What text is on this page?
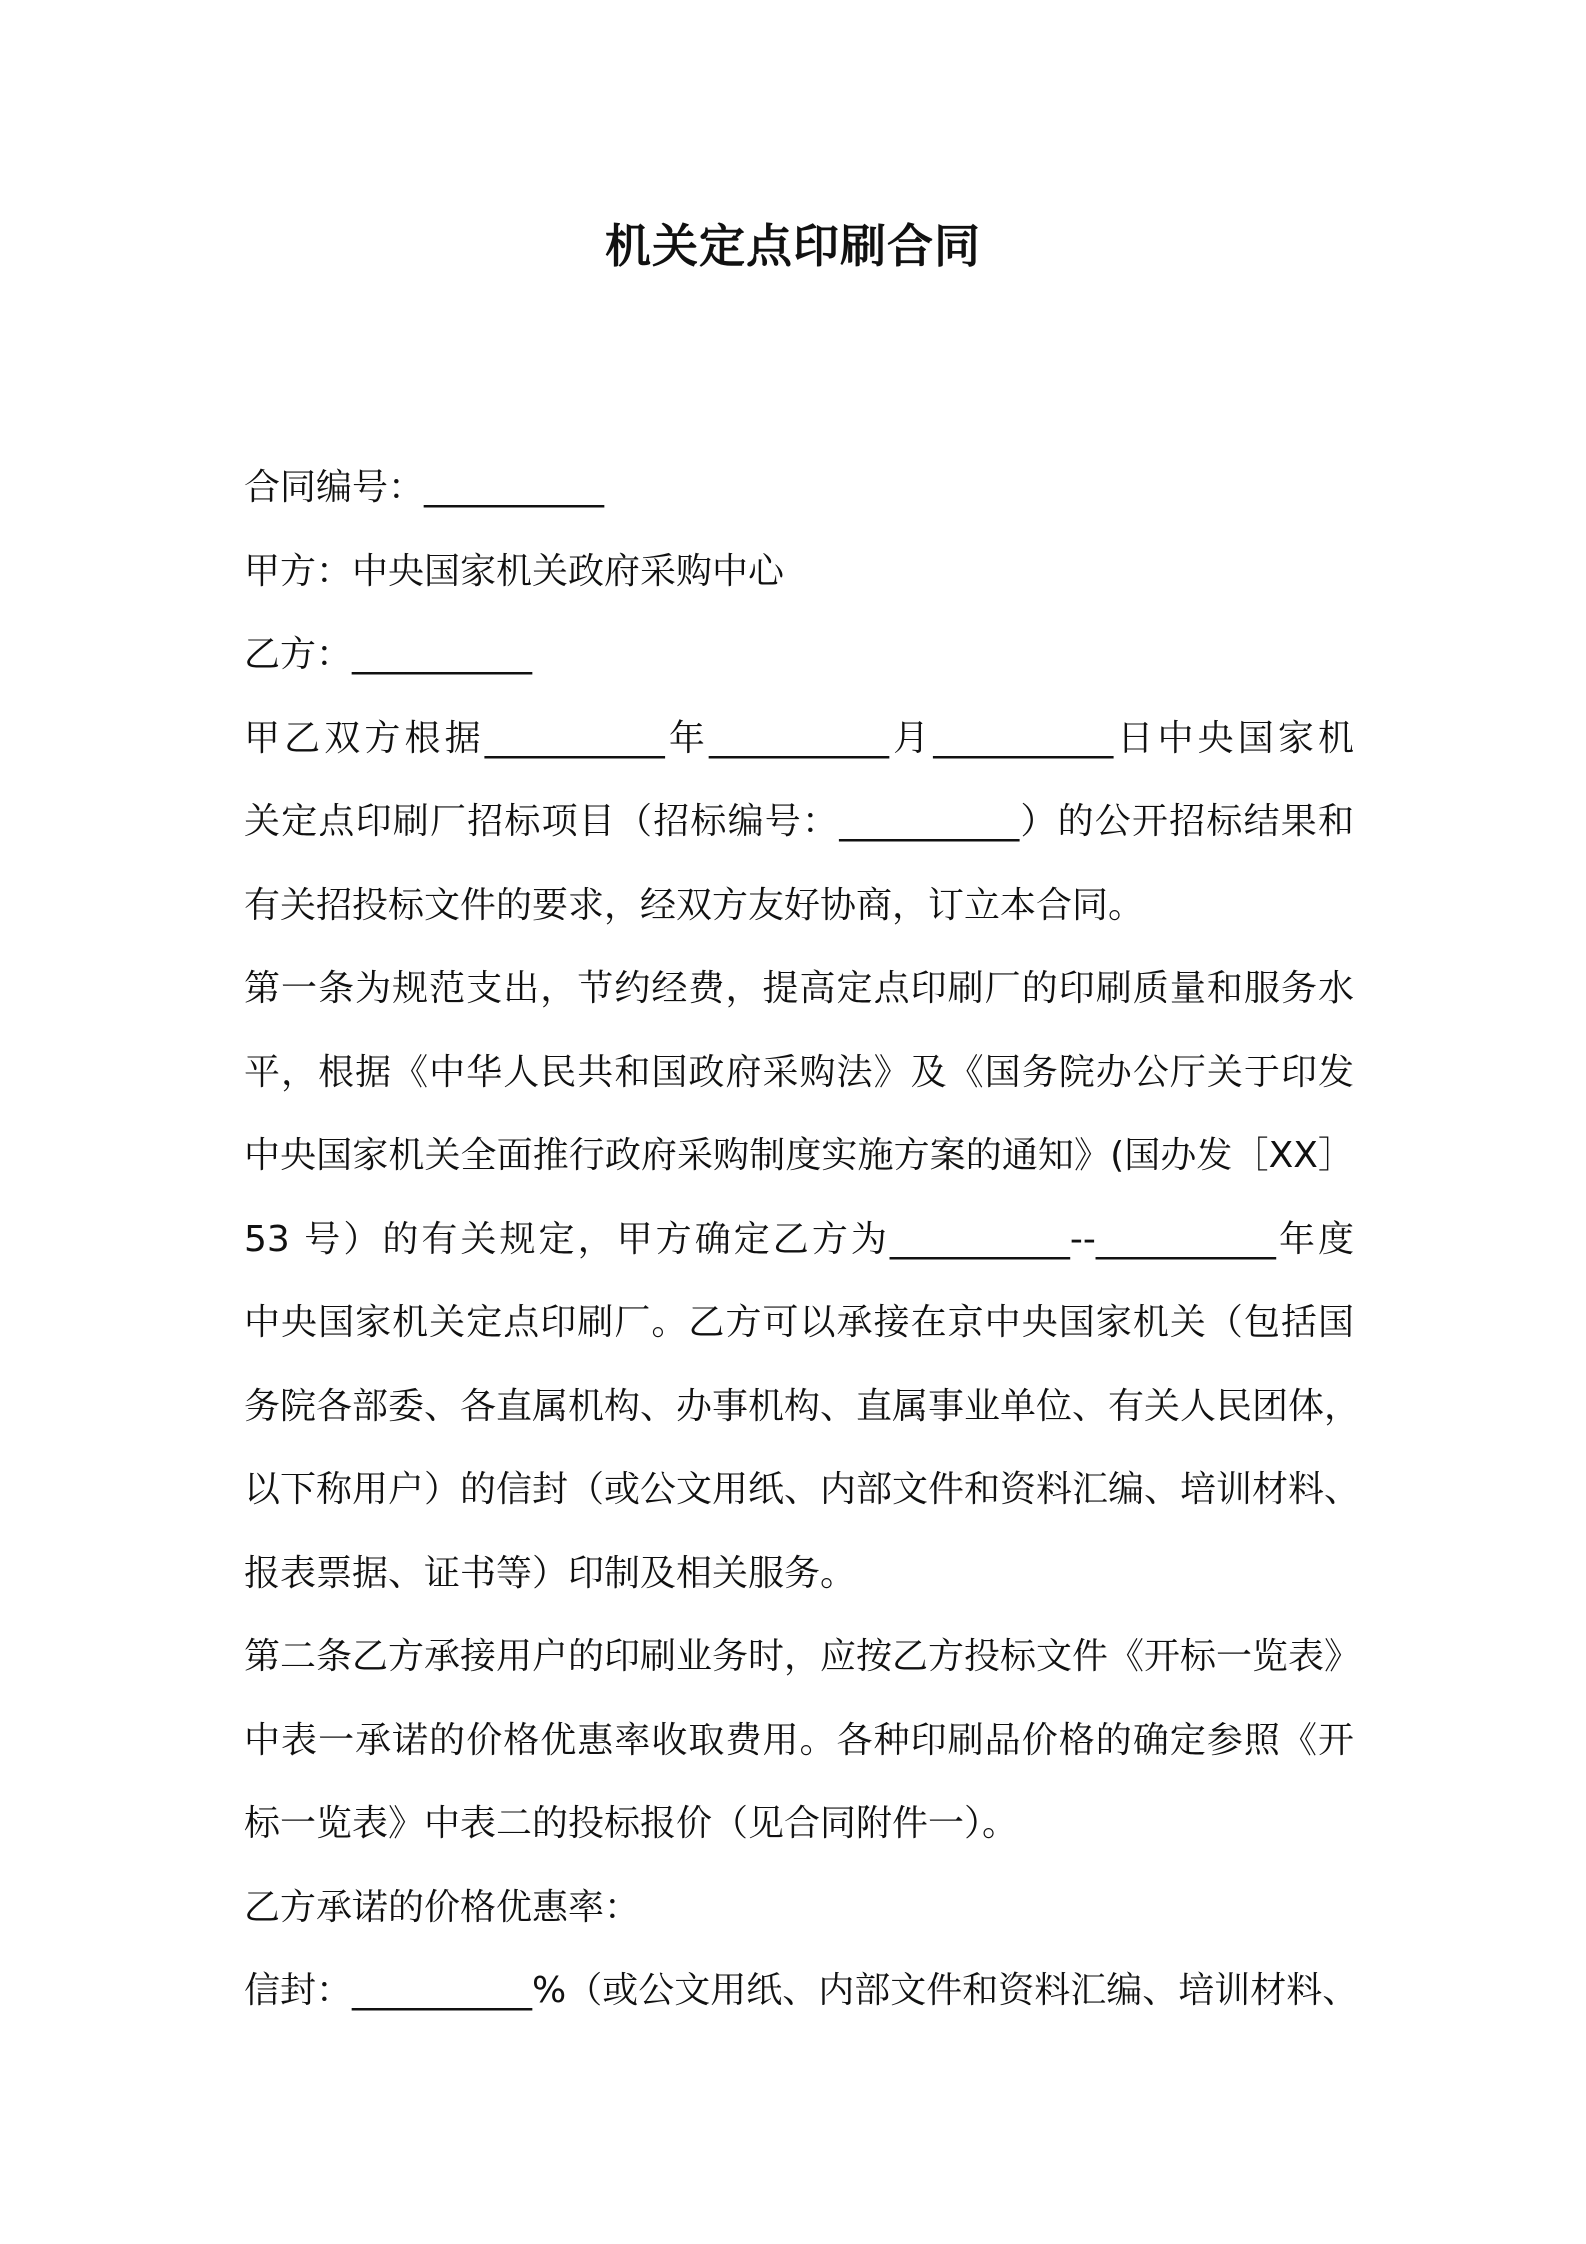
机关定点印刷合同

合同编号：__________

甲方：中央国家机关政府采购中心

乙方：__________

甲乙双方根据__________年__________月__________日中央国家机

关定点印刷厂招标项目（招标编号：__________）的公开招标结果和

有关招投标文件的要求，经双方友好协商，订立本合同。

第一条为规范支出，节约经费，提高定点印刷厂的印刷质量和服务水

平，根据《中华人民共和国政府采购法》及《国务院办公厅关于印发

中央国家机关全面推行政府采购制度实施方案的通知》(国办发［XX］

53 号）的有关规定，甲方确定乙方为__________--__________年度

中央国家机关定点印刷厂。乙方可以承接在京中央国家机关（包括国

务院各部委、各直属机构、办事机构、直属事业单位、有关人民团体，

以下称用户）的信封（或公文用纸、内部文件和资料汇编、培训材料、

报表票据、证书等）印制及相关服务。

第二条乙方承接用户的印刷业务时，应按乙方投标文件《开标一览表》

中表一承诺的价格优惠率收取费用。各种印刷品价格的确定参照《开

标一览表》中表二的投标报价（见合同附件一）。

乙方承诺的价格优惠率：

信封：__________%（或公文用纸、内部文件和资料汇编、培训材料、
